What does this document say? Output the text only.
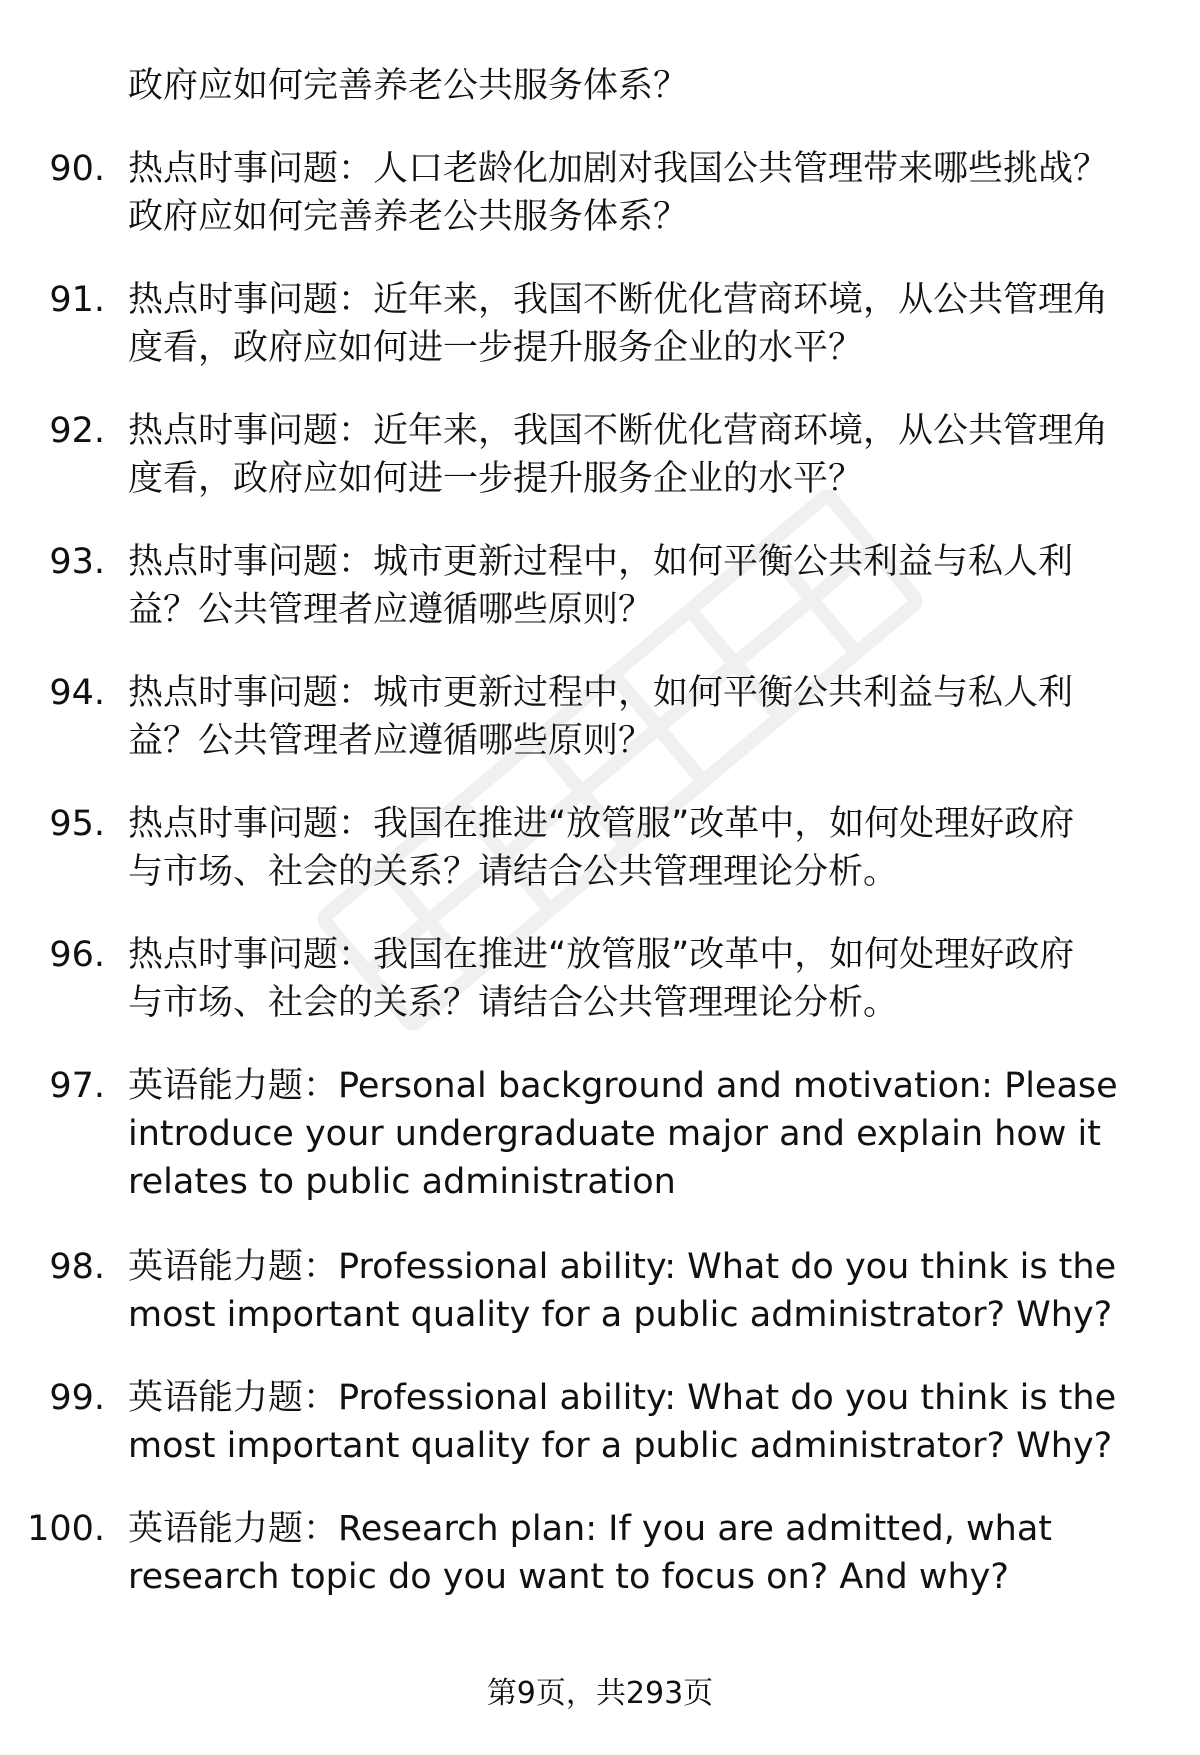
政府应如何完善养老公共服务体系？
90. 热点时事问题：人口老龄化加剧对我国公共管理带来哪些挑战？
政府应如何完善养老公共服务体系？
91. 热点时事问题：近年来，我国不断优化营商环境，从公共管理角
度看，政府应如何进一步提升服务企业的水平？
92. 热点时事问题：近年来，我国不断优化营商环境，从公共管理角
度看，政府应如何进一步提升服务企业的水平？
93. 热点时事问题：城市更新过程中，如何平衡公共利益与私人利
益？公共管理者应遵循哪些原则？
94. 热点时事问题：城市更新过程中，如何平衡公共利益与私人利
益？公共管理者应遵循哪些原则？
95. 热点时事问题：我国在推进“放管服”改革中，如何处理好政府
与市场、社会的关系？请结合公共管理理论分析。
96. 热点时事问题：我国在推进“放管服”改革中，如何处理好政府
与市场、社会的关系？请结合公共管理理论分析。
97. 英语能力题：Personal background and motivation: Please
introduce your undergraduate major and explain how it
relates to public administration
98. 英语能力题：Professional ability: What do you think is the
most important quality for a public administrator? Why?
99. 英语能力题：Professional ability: What do you think is the
most important quality for a public administrator? Why?
100. 英语能力题：Research plan: If you are admitted, what
research topic do you want to focus on? And why?
第9页，共293页
